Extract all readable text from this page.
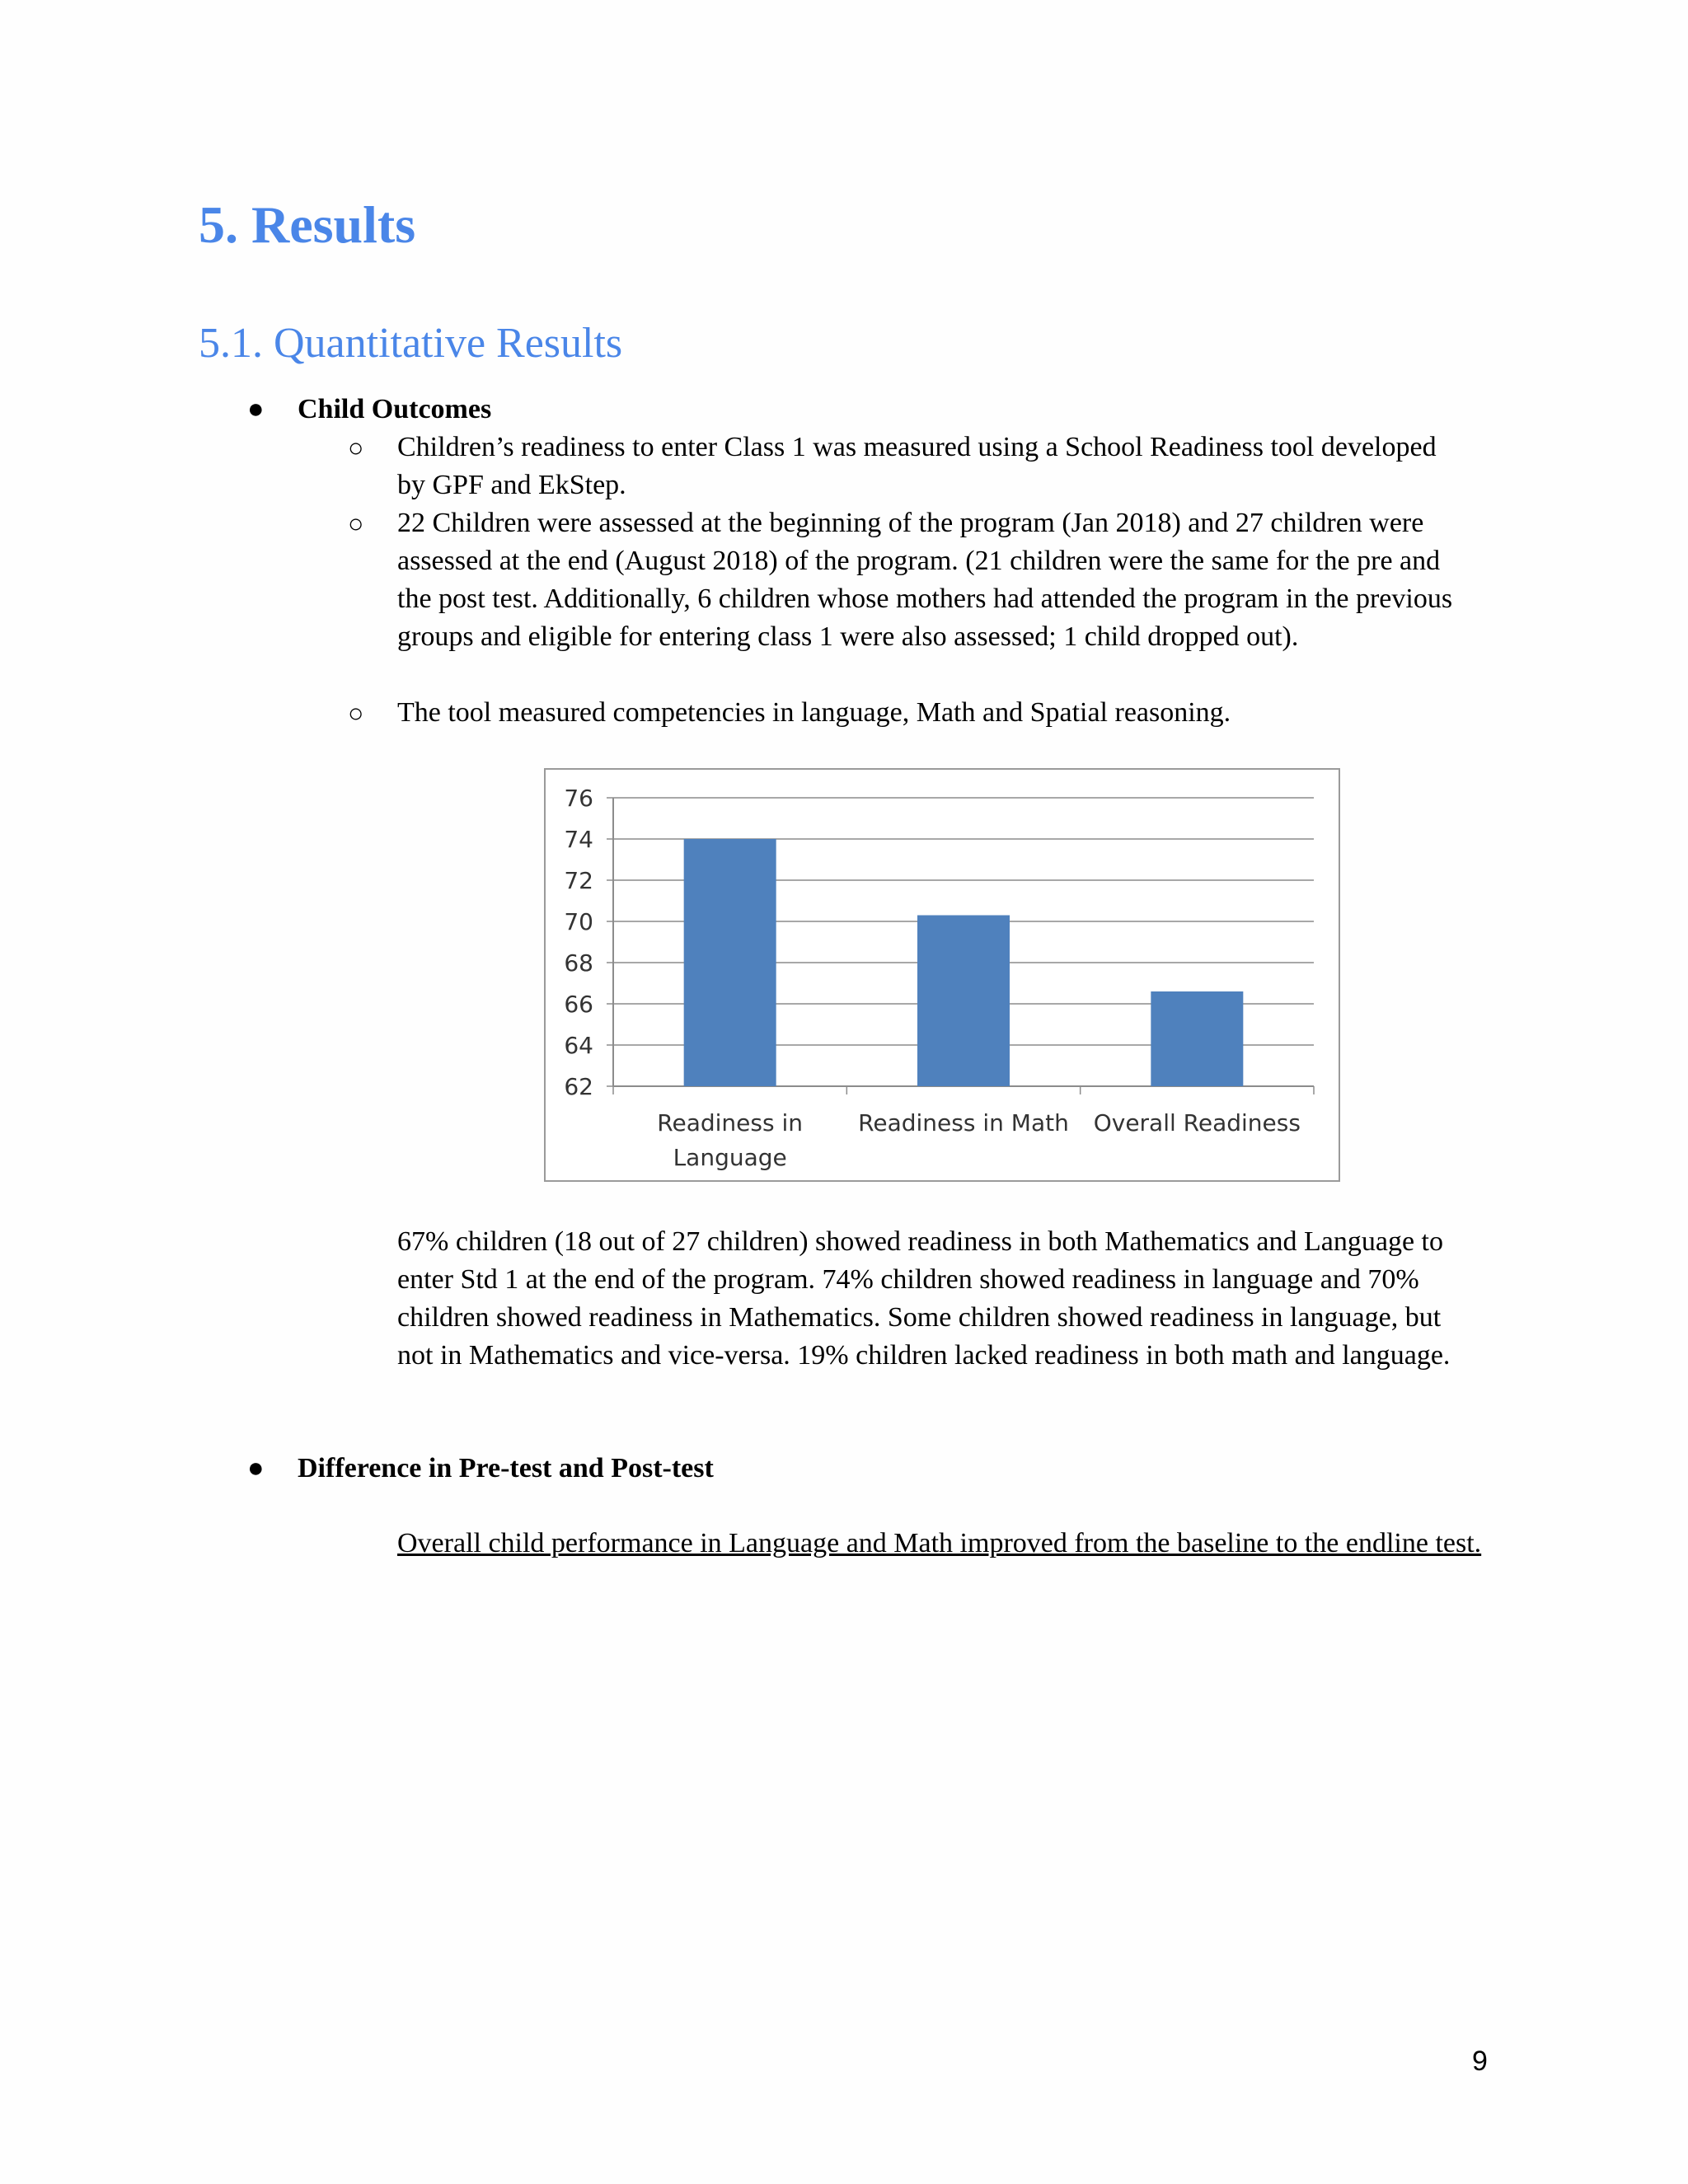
5. Results
5.1. Quantitative Results
● Child Outcomes
○ Children’s readiness to enter Class 1 was measured using a School Readiness tool developed by GPF and EkStep.
○ 22 Children were assessed at the beginning of the program (Jan 2018) and 27 children were assessed at the end (August 2018) of the program. (21 children were the same for the pre and the post test. Additionally, 6 children whose mothers had attended the program in the previous groups and eligible for entering class 1 were also assessed; 1 child dropped out).
○ The tool measured competencies in language, Math and Spatial reasoning.
62
64
66
68
70
72
74
76
Readiness in
Language
Readiness in Math Overall Readiness
67% children (18 out of 27 children) showed readiness in both Mathematics and Language to enter Std 1 at the end of the program. 74% children showed readiness in language and 70% children showed readiness in Mathematics. Some children showed readiness in language, but not in Mathematics and vice-versa. 19% children lacked readiness in both math and language.
● Difference in Pre-test and Post-test
Overall child performance in Language and Math improved from the baseline to the endline test.
9
